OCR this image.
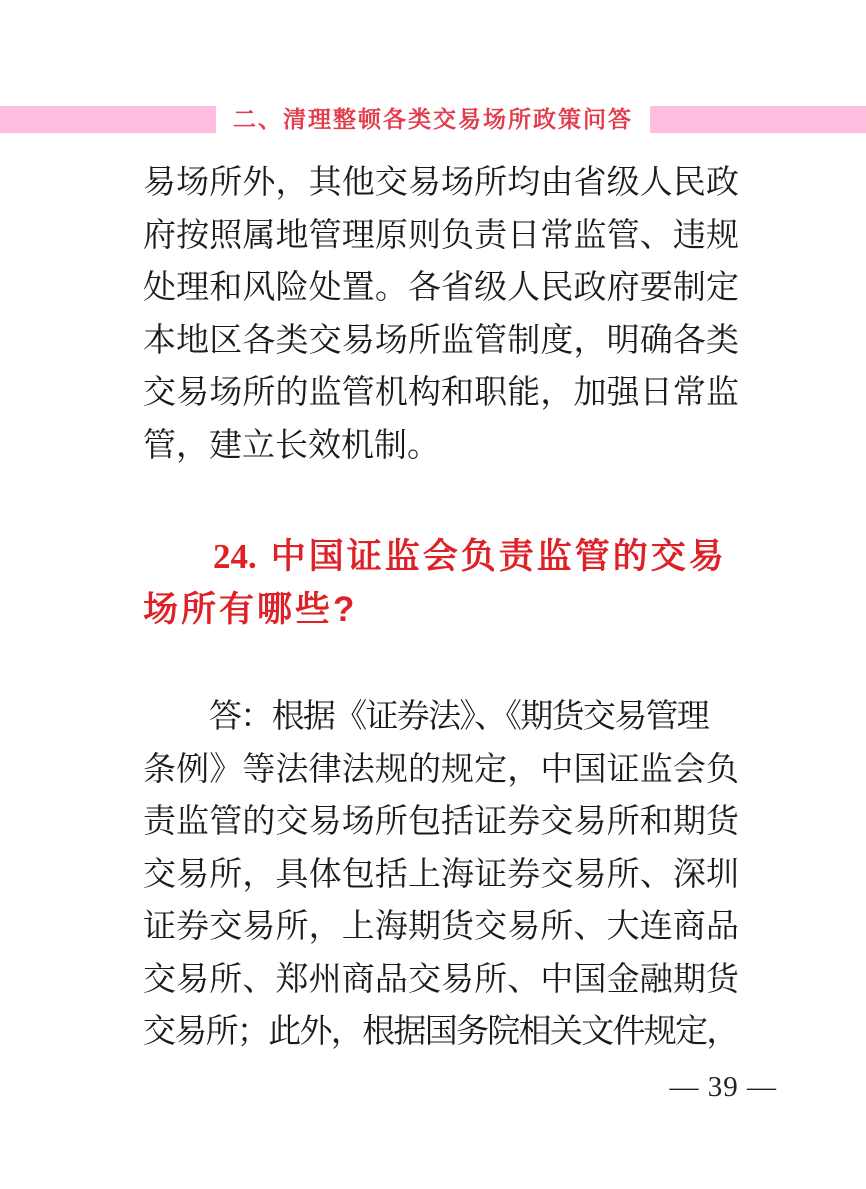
二、清理整顿各类交易场所政策问答
易场所外，其他交易场所均由省级人民政
府按照属地管理原则负责日常监管、违规
处理和风险处置。各省级人民政府要制定
本地区各类交易场所监管制度，明确各类
交易场所的监管机构和职能，加强日常监
管，建立长效机制。
24. 中国证监会负责监管的交易
场所有哪些?
答：根据《证券法》、《期货交易管理
条例》等法律法规的规定，中国证监会负
责监管的交易场所包括证券交易所和期货
交易所，具体包括上海证券交易所、深圳
证券交易所，上海期货交易所、大连商品
交易所、郑州商品交易所、中国金融期货
交易所；此外，根据国务院相关文件规定，
— 39 —
